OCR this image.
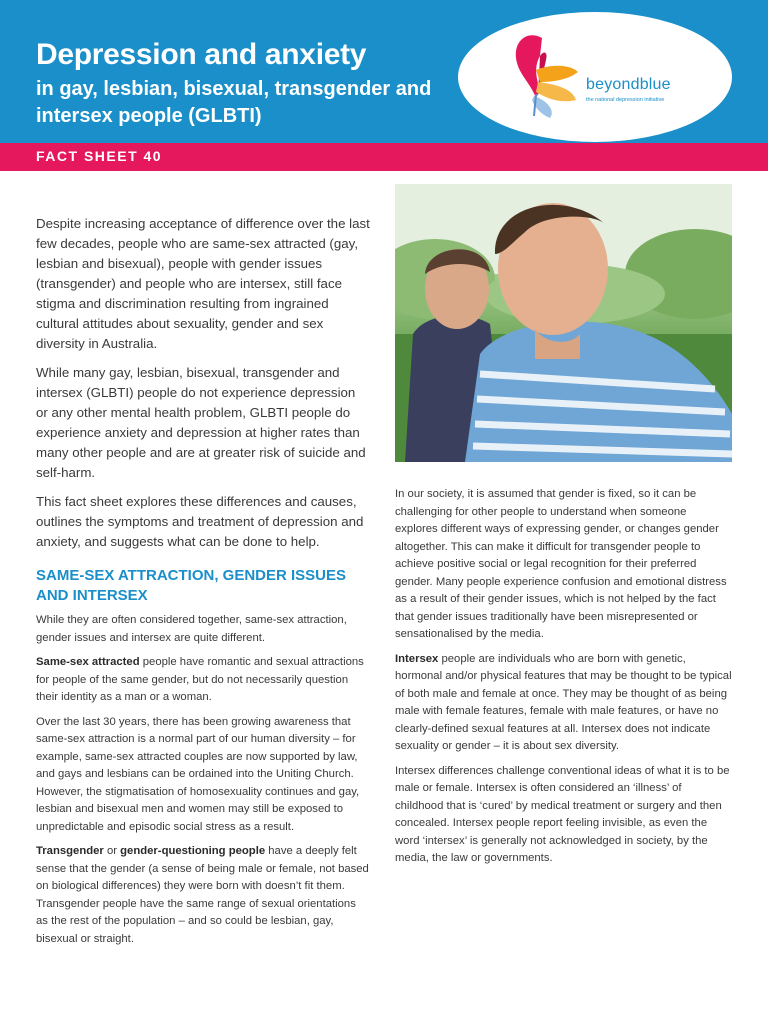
Depression and anxiety
in gay, lesbian, bisexual, transgender and intersex people (GLBTI)
FACT SHEET 40
beyondblue
the national depression initiative

Despite increasing acceptance of difference over the last few decades, people who are same-sex attracted (gay, lesbian and bisexual), people with gender issues (transgender) and people who are intersex, still face stigma and discrimination resulting from ingrained cultural attitudes about sexuality, gender and sex diversity in Australia.

While many gay, lesbian, bisexual, transgender and intersex (GLBTI) people do not experience depression or any other mental health problem, GLBTI people do experience anxiety and depression at higher rates than many other people and are at greater risk of suicide and self-harm.

This fact sheet explores these differences and causes, outlines the symptoms and treatment of depression and anxiety, and suggests what can be done to help.

SAME-SEX ATTRACTION, GENDER ISSUES AND INTERSEX

While they are often considered together, same-sex attraction, gender issues and intersex are quite different.

Same-sex attracted people have romantic and sexual attractions for people of the same gender, but do not necessarily question their identity as a man or a woman.

Over the last 30 years, there has been growing awareness that same-sex attraction is a normal part of our human diversity – for example, same-sex attracted couples are now supported by law, and gays and lesbians can be ordained into the Uniting Church. However, the stigmatisation of homosexuality continues and gay, lesbian and bisexual men and women may still be exposed to unpredictable and episodic social stress as a result.

Transgender or gender-questioning people have a deeply felt sense that the gender (a sense of being male or female, not based on biological differences) they were born with doesn’t fit them. Transgender people have the same range of sexual orientations as the rest of the population – and so could be lesbian, gay, bisexual or straight.

In our society, it is assumed that gender is fixed, so it can be challenging for other people to understand when someone explores different ways of expressing gender, or changes gender altogether. This can make it difficult for transgender people to achieve positive social or legal recognition for their preferred gender. Many people experience confusion and emotional distress as a result of their gender issues, which is not helped by the fact that gender issues traditionally have been misrepresented or sensationalised by the media.

Intersex people are individuals who are born with genetic, hormonal and/or physical features that may be thought to be typical of both male and female at once. They may be thought of as being male with female features, female with male features, or have no clearly-defined sexual features at all. Intersex does not indicate sexuality or gender – it is about sex diversity.

Intersex differences challenge conventional ideas of what it is to be male or female. Intersex is often considered an ‘illness’ of childhood that is ‘cured’ by medical treatment or surgery and then concealed. Intersex people report feeling invisible, as even the word ‘intersex’ is generally not acknowledged in society, by the media, the law or governments.
